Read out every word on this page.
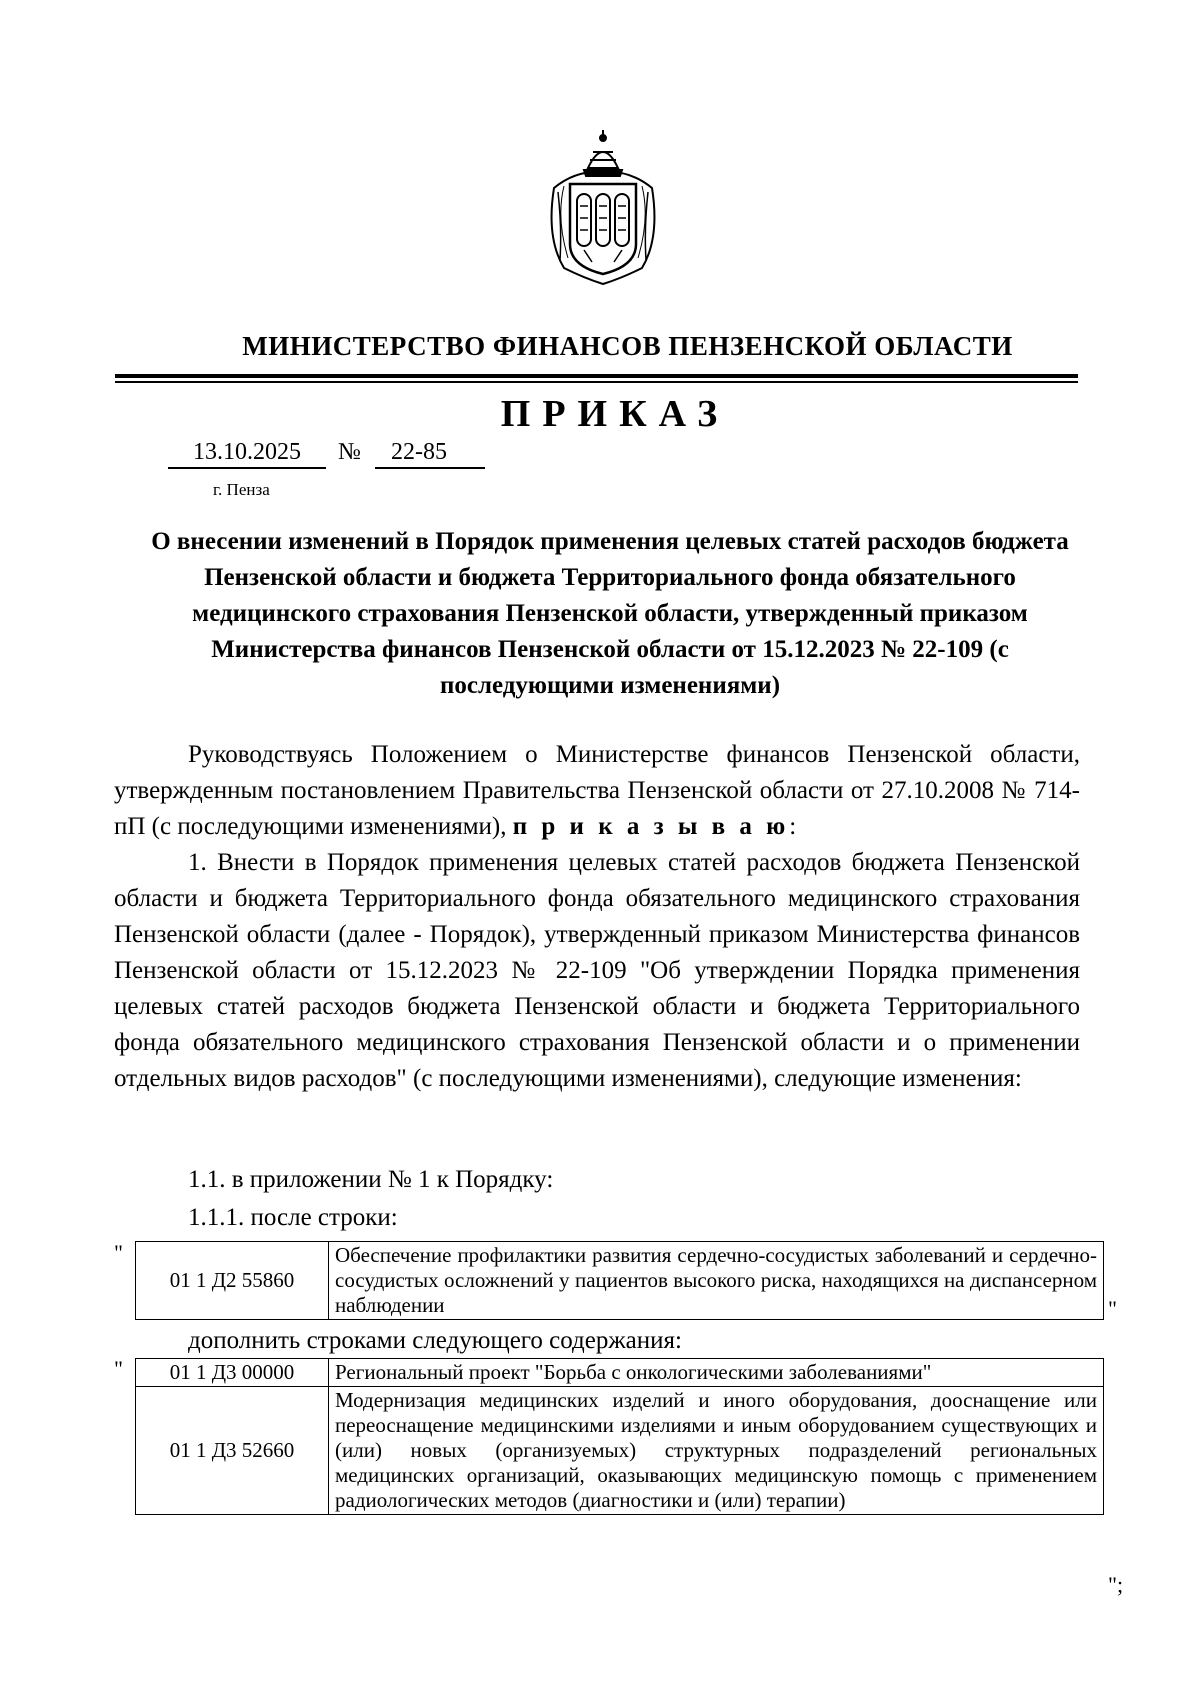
МИНИСТЕРСТВО ФИНАНСОВ ПЕНЗЕНСКОЙ ОБЛАСТИ
ПРИКАЗ
13.10.2025	№	22-85
г. Пенза
О внесении изменений в Порядок применения целевых статей расходов бюджета Пензенской области и бюджета Территориального фонда обязательного медицинского страхования Пензенской области, утвержденный приказом Министерства финансов Пензенской области от 15.12.2023 № 22-109 (с последующими изменениями)

Руководствуясь Положением о Министерстве финансов Пензенской области, утвержденным постановлением Правительства Пензенской области от 27.10.2008 № 714-пП (с последующими изменениями), п р и к а з ы в а ю:

1. Внести в Порядок применения целевых статей расходов бюджета Пензенской области и бюджета Территориального фонда обязательного медицинского страхования Пензенской области (далее - Порядок), утвержденный приказом Министерства финансов Пензенской области от 15.12.2023 № 22-109 "Об утверждении Порядка применения целевых статей расходов бюджета Пензенской области и бюджета Территориального фонда обязательного медицинского страхования Пензенской области и о применении отдельных видов расходов" (с последующими изменениями), следующие изменения:

1.1. в приложении № 1 к Порядку:
1.1.1. после строки:
"
01 1 Д2 55860	Обеспечение профилактики развития сердечно-сосудистых заболеваний и сердечно-сосудистых осложнений у пациентов высокого риска, находящихся на диспансерном наблюдении	"
дополнить строками следующего содержания:
" 01 1 Д3 00000	Региональный проект "Борьба с онкологическими заболеваниями"
01 1 Д3 52660	Модернизация медицинских изделий и иного оборудования, дооснащение или переоснащение медицинскими изделиями и иным оборудованием существующих и (или) новых (организуемых) структурных подразделений региональных медицинских организаций, оказывающих медицинскую помощь с применением радиологических методов (диагностики и (или) терапии)
";
